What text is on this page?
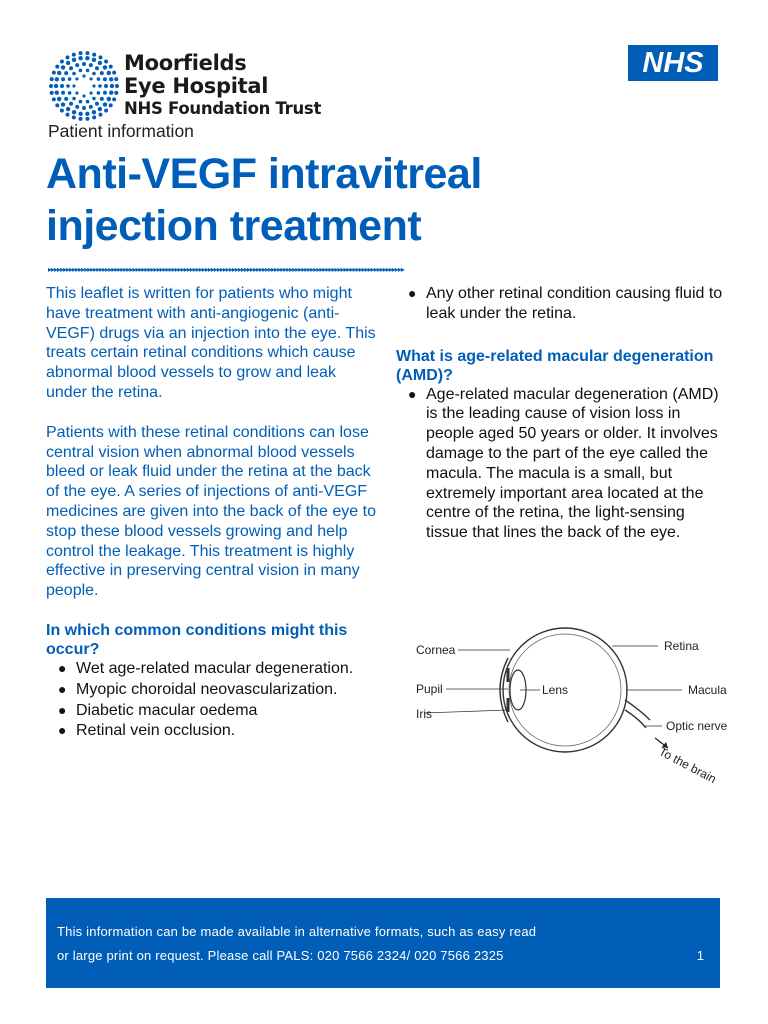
Moorfields
Eye Hospital
NHS Foundation Trust
NHS
Patient information
Anti-VEGF intravitreal
injection treatment
▸▸▸▸▸▸▸▸▸▸▸▸▸▸▸▸▸▸▸▸▸▸▸▸▸▸▸▸▸▸▸▸▸▸▸▸▸▸▸▸▸▸▸▸▸▸▸▸▸▸▸▸▸▸▸▸▸▸▸▸▸▸▸▸▸▸▸▸▸▸▸▸▸▸▸▸▸▸▸▸▸▸▸▸▸▸▸▸▸▸▸▸▸▸▸▸▸▸▸▸▸▸▸▸▸▸▸▸▸▸▸▸▸▸▸▸▸▸

This leaflet is written for patients who might have treatment with anti-angiogenic (anti-VEGF) drugs via an injection into the eye. This treats certain retinal conditions which cause abnormal blood vessels to grow and leak under the retina.

Patients with these retinal conditions can lose central vision when abnormal blood vessels bleed or leak fluid under the retina at the back of the eye. A series of injections of anti-VEGF medicines are given into the back of the eye to stop these blood vessels growing and help control the leakage. This treatment is highly effective in preserving central vision in many people.

In which common conditions might this occur?

● Wet age-related macular degeneration.
● Myopic choroidal neovascularization.
● Diabetic macular oedema
● Retinal vein occlusion.
● Any other retinal condition causing fluid to leak under the retina.

What is age-related macular degeneration (AMD)?

● Age-related macular degeneration (AMD) is the leading cause of vision loss in people aged 50 years or older. It involves damage to the part of the eye called the macula. The macula is a small, but extremely important area located at the centre of the retina, the light-sensing tissue that lines the back of the eye.
Cornea
Pupil
Iris
Lens
Retina
Macula
Optic nerve
To the brain
This information can be made available in alternative formats, such as easy read
or large print on request. Please call PALS: 020 7566 2324/ 020 7566 2325	1
